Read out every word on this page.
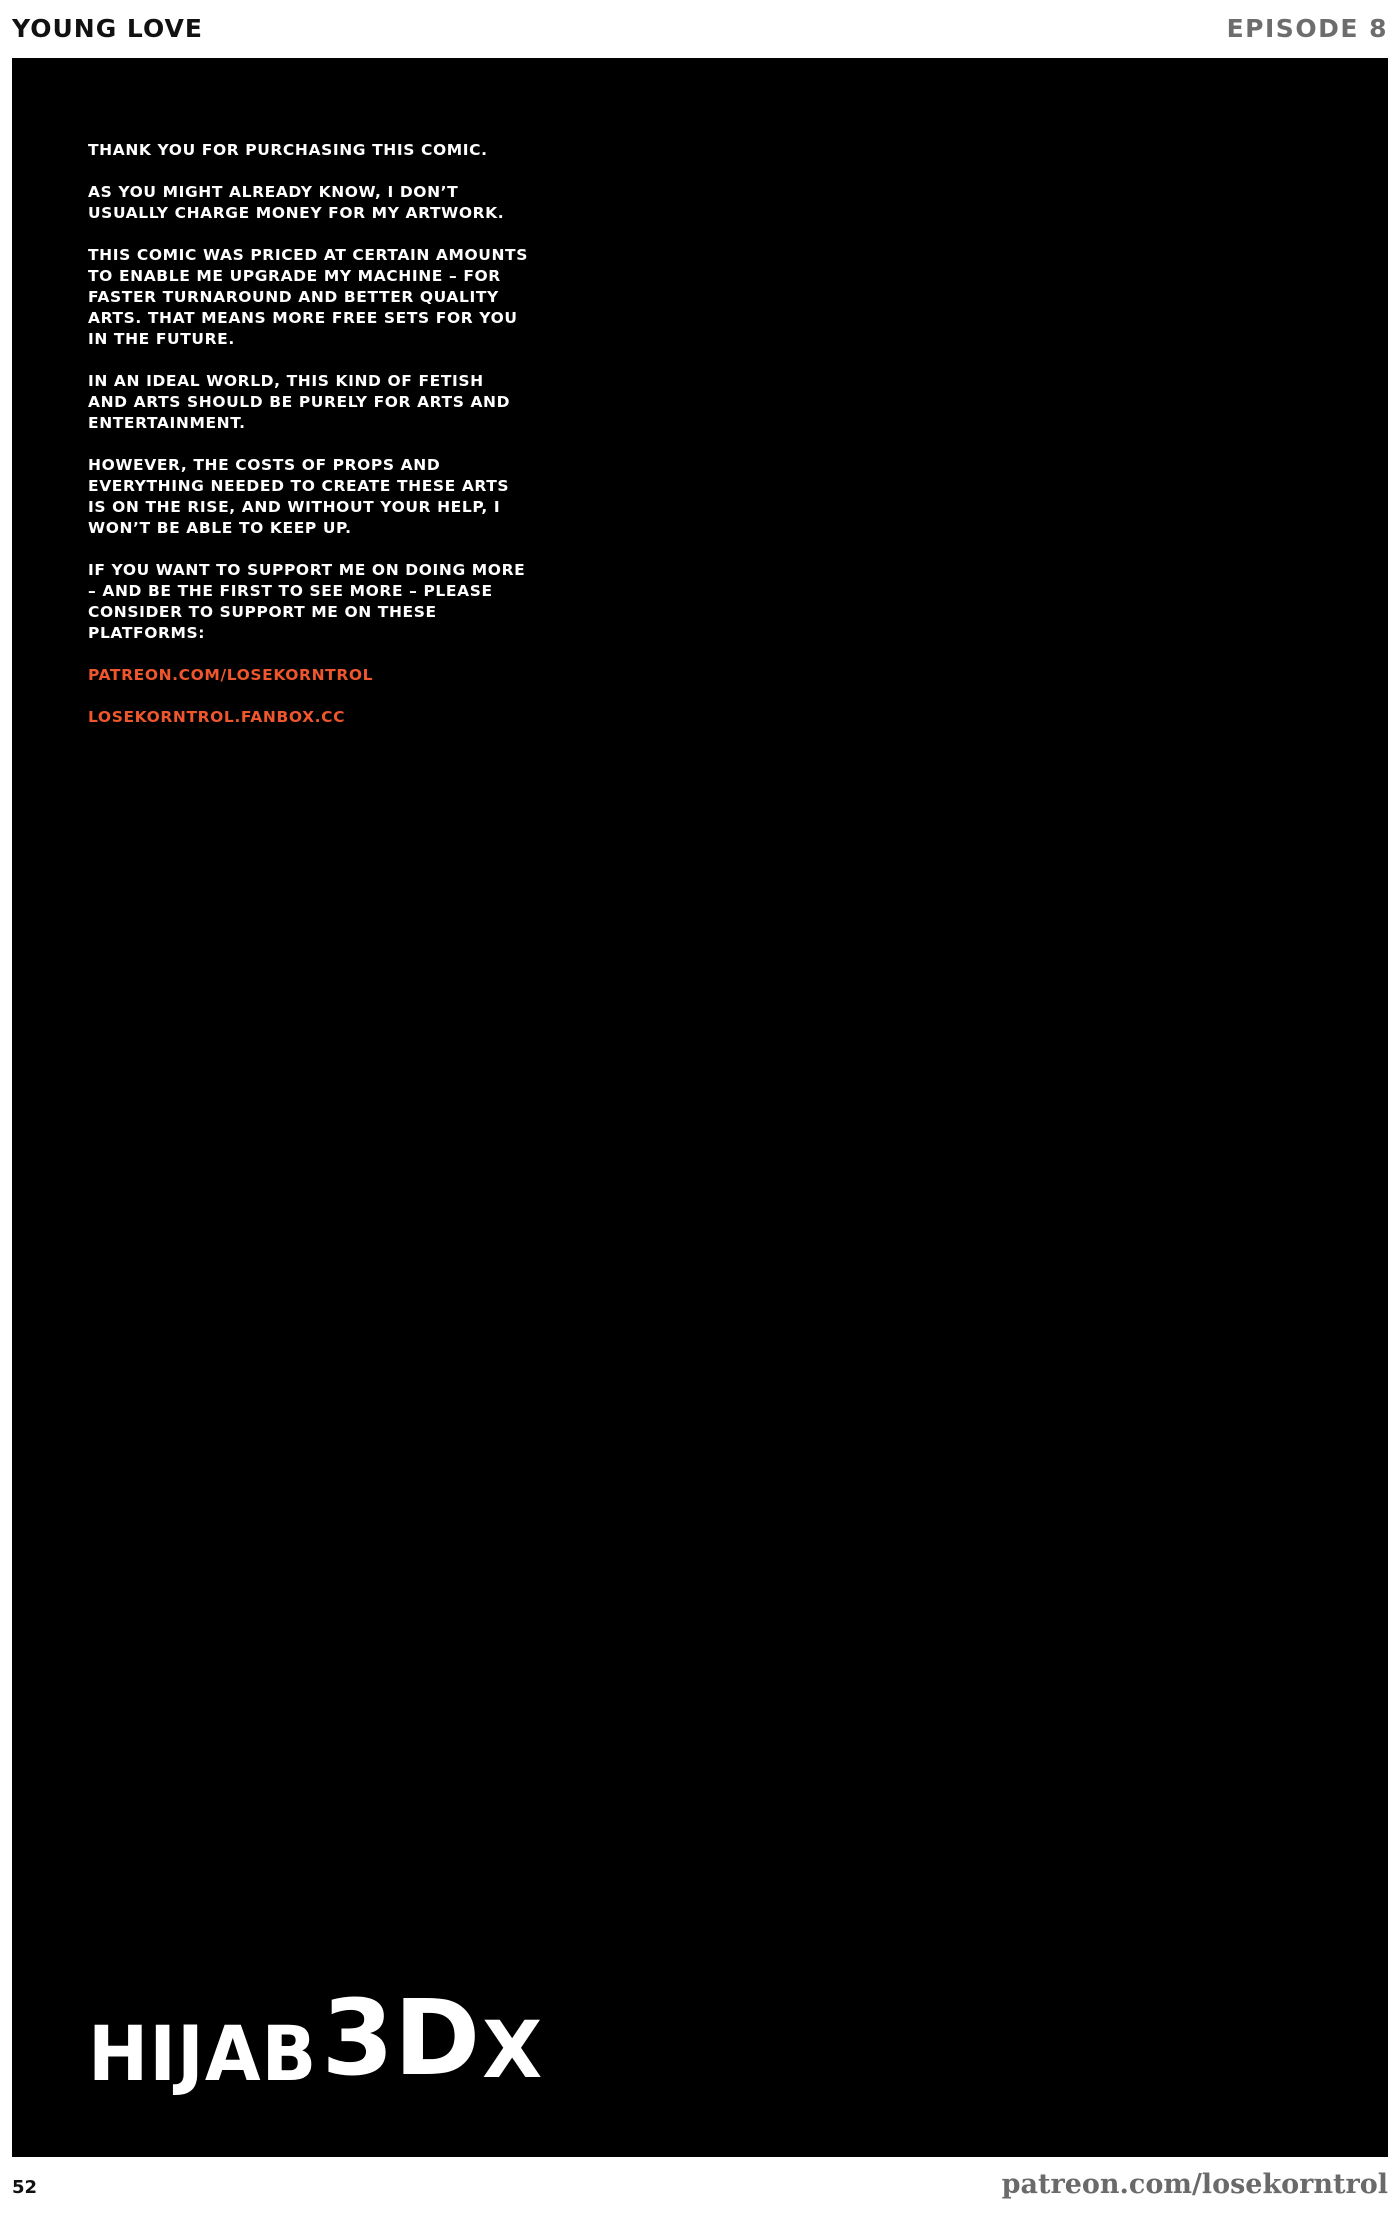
YOUNG LOVE	EPISODE 8

THANK YOU FOR PURCHASING THIS COMIC.

AS YOU MIGHT ALREADY KNOW, I DON’T USUALLY CHARGE MONEY FOR MY ARTWORK.

THIS COMIC WAS PRICED AT CERTAIN AMOUNTS TO ENABLE ME UPGRADE MY MACHINE – FOR FASTER TURNAROUND AND BETTER QUALITY ARTS. THAT MEANS MORE FREE SETS FOR YOU IN THE FUTURE.

IN AN IDEAL WORLD, THIS KIND OF FETISH AND ARTS SHOULD BE PURELY FOR ARTS AND ENTERTAINMENT.

HOWEVER, THE COSTS OF PROPS AND EVERYTHING NEEDED TO CREATE THESE ARTS IS ON THE RISE, AND WITHOUT YOUR HELP, I WON’T BE ABLE TO KEEP UP.

IF YOU WANT TO SUPPORT ME ON DOING MORE – AND BE THE FIRST TO SEE MORE – PLEASE CONSIDER TO SUPPORT ME ON THESE PLATFORMS:

PATREON.COM/LOSEKORNTROL
LOSEKORNTROL.FANBOX.CC
HIJAB 3 D X
52	patreon.com/losekorntrol
